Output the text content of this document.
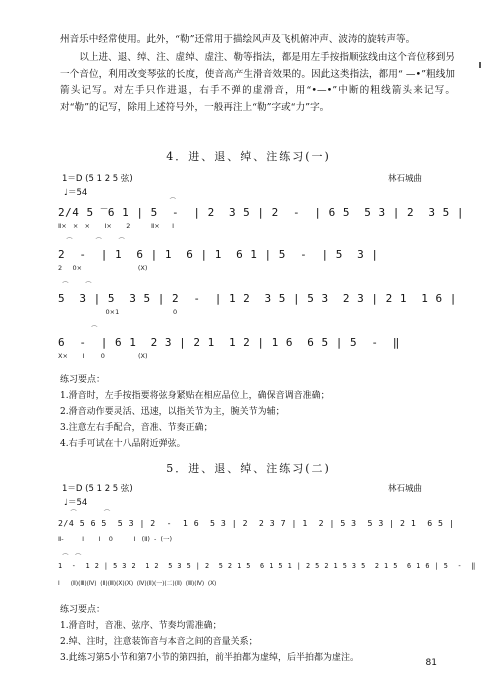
州音乐中经常使用。此外，“勒”还常用于描绘风声及飞机俯冲声、波涛的旋转声等。
以上进、退、绰、注、虚绰、虚注、勒等指法，都是用左手按指顺弦线由这个音位移到另一个音位，利用改变琴弦的长度，使音高产生滑音效果的。因此这类指法，都用“ —•”粗线加箭头记写。对左手只作进退，右手不弹的虚滑音，用“•—•”中断的粗线箭头来记写。对“勒”的记写，除用上述符号外，一般再注上“勒”字或“力”字。
4．进、退、绰、注练习(一)
1＝D (5 1 2 5 弦)
♩＝54
林石城曲
⌒
2/4 5 ‾6 1 | 5  -  | 2  3 5 | 2  -  | 6 5  5 3 | 2  3 5 |
Ⅱ×   ×   ×       Ⅰ×       2          Ⅱ×      Ⅰ
⌒           ⌒        ⌒
2  -  | 1  6 | 1  6 | 1  6 1 | 5  -  | 5  3 |
2     0×                           (X)
⌒        ⌒
5  3 | 5  3 5 | 2  -  | 1 2  3 5 | 5 3  2 3 | 2 1  1 6 |
0×1                          0
⌒
6  -  | 6 1  2 3 | 2 1  1 2 | 1 6  6 5 | 5  -  ‖
X×       Ⅰ        0                (X)
练习要点：
1.滑音时，左手按指要将弦身紧贴在相应品位上，确保音调音准确；
2.滑音动作要灵活、迅速，以指关节为主，腕关节为辅；
3.注意左右手配合，音准、节奏正确；
4.右手可试在十八品附近弹弦。
5．进、退、绰、注练习(二)
1＝D (5 1 2 5 弦)
♩＝54
林石城曲
⌒             ⌒
2/4 5 6 5  5 3 | 2  -  1 6  5 3 | 2  2 3 7 | 1  2 | 5 3  5 3 | 2 1  6 5 |
Ⅱ-         Ⅰ       Ⅰ    0          Ⅰ   (Ⅱ)  -  (一)
⌒   ⌒
1  -  1 2 | 5 3 2  1 2  5 3 5 | 2  5 2 1 5  6 1 5 1 | 2 5 2 1 5 3 5  2 1 5  6 1 6 | 5  -  ‖
Ⅰ      (Ⅱ)(Ⅲ)(Ⅳ)  (Ⅱ)(Ⅲ)(X)(X)  (Ⅳ)(Ⅱ)(一)(二)(Ⅱ)  (Ⅲ)(Ⅳ)  (X)
练习要点：
1.滑音时，音准、弦序、节奏均需准确；
2.绰、注时，注意装饰音与本音之间的音量关系；
3.此练习第5小节和第7小节的第四拍，前半拍都为虚绰，后半拍都为虚注。	81
